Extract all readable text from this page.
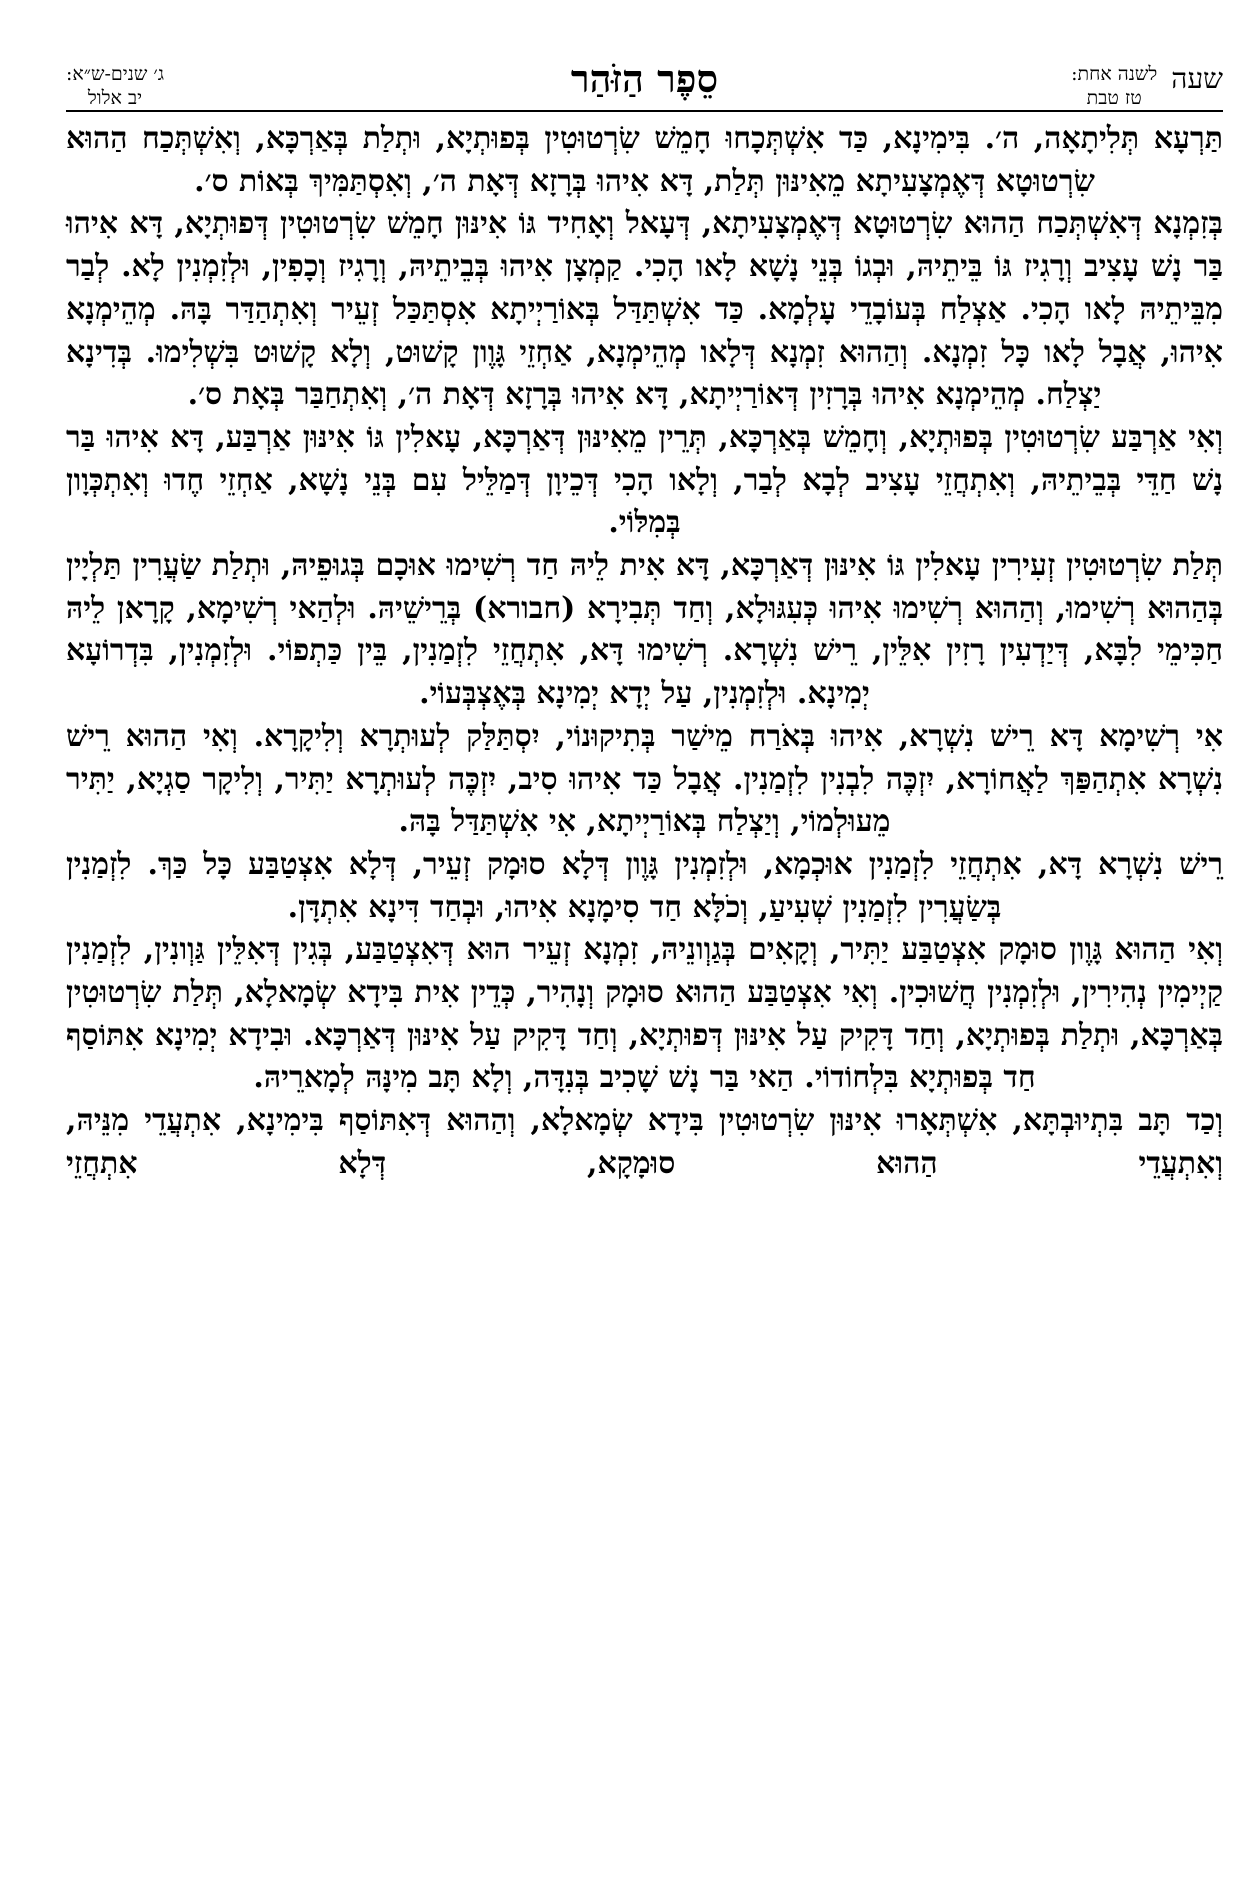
שעה
לשנה אחת:
טז טבת
סֵפֶר הַזֹּהַר
ג׳ שנים-ש״א:
יב אלול

תַּרְעָא תְּלִיתָאָה, ה׳. בִּימִינָא, כַּד אִשְׁתְּכָחוּ חָמֵשׁ שִׂרְטוּטִין בְּפוּתְיָא, וּתְלַת בְּאַרְכָּא, וְאִשְׁתְּכַח הַהוּא שִׂרְטוּטָא דְּאֶמְצָעִיתָא מֵאִינּוּן תְּלַת, דָּא אִיהוּ בְּרָזָא דְּאָת ה׳, וְאִסְתַּמִּיךְ בְּאוֹת ס׳.

בְּזִמְנָא דְּאִשְׁתְּכַח הַהוּא שִׂרְטוּטָא דְּאֶמְצָעִיתָא, דְּעָאל וְאָחִיד גּוֹ אִינּוּן חָמֵשׁ שִׂרְטוּטִין דְּפוּתְיָא, דָּא אִיהוּ בַּר נָשׁ עָצִיב וְרָגִיז גּוֹ בֵּיתֵיהּ, וּבְגוֹ בְּנֵי נָשָׁא לָאו הָכִי. קַמְצָן אִיהוּ בְּבֵיתֵיהּ, וְרָגִיז וְכָפִין, וּלְזִמְנִין לָא. לְבַר מִבֵּיתֵיהּ לָאו הָכִי. אַצְלַח בְּעוֹבָדֵי עָלְמָא. כַּד אִשְׁתַּדַּל בְּאוֹרַיְיתָא אִסְתַּכַּל זְעֵיר וְאִתְהַדַּר בָּהּ. מְהֵימְנָא אִיהוּ, אֲבָל לָאו כָּל זִמְנָא. וְהַהוּא זִמְנָא דְּלָאו מְהֵימְנָא, אַחְזֵי גָּוֶון קָשׁוּט, וְלָא קָשׁוּט בִּשְׁלִימוּ. בְּדִינָא יַצְלַח. מְהֵימְנָא אִיהוּ בְּרָזִין דְּאוֹרַיְיתָא, דָּא אִיהוּ בְּרָזָא דְּאָת ה׳, וְאִתְחַבַּר בְּאָת ס׳.

וְאִי אַרְבַּע שִׂרְטוּטִין בְּפוּתְיָא, וְחָמֵשׁ בְּאַרְכָּא, תְּרֵין מֵאִינּוּן דְּאַרְכָּא, עָאלִין גּוֹ אִינּוּן אַרְבַּע, דָּא אִיהוּ בַּר נָשׁ חַדֵּי בְּבֵיתֵיהּ, וְאִתְחֲזֵי עָצִיב לְבָא לְבַר, וְלָאו הָכִי דְּכֵיוָן דְּמַלֵּיל עִם בְּנֵי נָשָׁא, אַחְזֵי חֶדוּ וְאִתְכְּוָון בְּמִלּוֹי.

תְּלַת שִׂרְטוּטִין זְעִירִין עָאלִין גּוֹ אִינּוּן דְּאַרְכָּא, דָּא אִית לֵיהּ חַד רְשִׁימוּ אוּכָם בְּגוּפֵיהּ, וּתְלַת שַׂעֲרִין תַּלְיָין בְּהַהוּא רְשִׁימוּ, וְהַהוּא רְשִׁימוּ אִיהוּ כְּעִגּוּלָא, וְחַד תְּבִירָא (חבורא) בְּרֵישֵׁיהּ. וּלְהַאי רְשִׁימָא, קָרָאן לֵיהּ חַכִּימֵי לִבָּא, דְּיַדְעִין רָזִין אִלֵּין, רֵישׁ נִשְׁרָא. רְשִׁימוּ דָּא, אִתְחֲזֵי לִזְמַנִין, בֵּין כַּתְפוֹי. וּלְזִמְנִין, בִּדְרוֹעָא יְמִינָא. וּלְזִמְנִין, עַל יְדָא יְמִינָא בְּאֶצְבְּעוֹי.

אִי רְשִׁימָא דָּא רֵישׁ נִשְׁרָא, אִיהוּ בְּאֹרַח מֵישַׁר בְּתִיקוּנוֹי, יִסְתַּלַּק לְעוּתְרָא וְלִיקָרָא. וְאִי הַהוּא רֵישׁ נִשְׁרָא אִתְהַפַּךְ לַאֲחוֹרָא, יִזְכֶּה לִבְנִין לִזְמַנִין. אֲבָל כַּד אִיהוּ סִיב, יִזְכֶּה לְעוּתְרָא יַתִּיר, וְלִיקָר סַגְיָא, יַתִּיר מֵעוּלְמוֹי, וְיַצְלַח בְּאוֹרַיְיתָא, אִי אִשְׁתַּדַּל בָּהּ.

רֵישׁ נִשְׁרָא דָּא, אִתְחֲזֵי לִזְמַנִין אוּכְמָא, וּלְזִמְנִין גָּוֶון דְּלָא סוּמָק זְעֵיר, דְּלָא אִצְטַבַּע כָּל כַּךְ. לִזְמַנִין בְּשַׂעֲרִין לִזְמַנִין שְׁעִיעַ, וְכֹלָּא חַד סִימָנָא אִיהוּ, וּבְחַד דִּינָא אִתְדָּן.

וְאִי הַהוּא גָּוֶון סוּמָק אִצְטַבַּע יַתִּיר, וְקָאִים בְּגַוְונֵיהּ, זִמְנָא זְעֵיר הוּא דְּאִצְטַבַּע, בְּגִין דְּאִלֵּין גַּוְונִין, לִזְמַנִין קַיְימִין נְהִירִין, וּלְזִמְנִין חֲשׁוּכִין. וְאִי אִצְטַבַּע הַהוּא סוּמָק וְנָהִיר, כְּדֵין אִית בִּידָא שְׂמָאלָא, תְּלַת שִׂרְטוּטִין בְּאַרְכָּא, וּתְלַת בְּפוּתְיָא, וְחַד דָּקִיק עַל אִינּוּן דְּפוּתְיָא, וְחַד דָּקִיק עַל אִינּוּן דְּאַרְכָּא. וּבִידָא יְמִינָא אִתּוֹסַף חַד בְּפוּתְיָא בִּלְחוֹדוֹי. הַאי בַּר נָשׁ שָׁכִיב בְּנִדָּה, וְלָא תָּב מִינָּהּ לְמָארֵיהּ.

וְכַד תָּב בִּתְיוּבְתָּא, אִשְׁתְּאָרוּ אִינּוּן שִׂרְטוּטִין בִּידָא שְׂמָאלָא, וְהַהוּא דְּאִתּוֹסַף בִּימִינָא, אִתְעֲדֵי מִנֵּיהּ, וְאִתְעֲדֵי הַהוּא סוּמָקָא, דְּלָא אִתְחֲזֵי
